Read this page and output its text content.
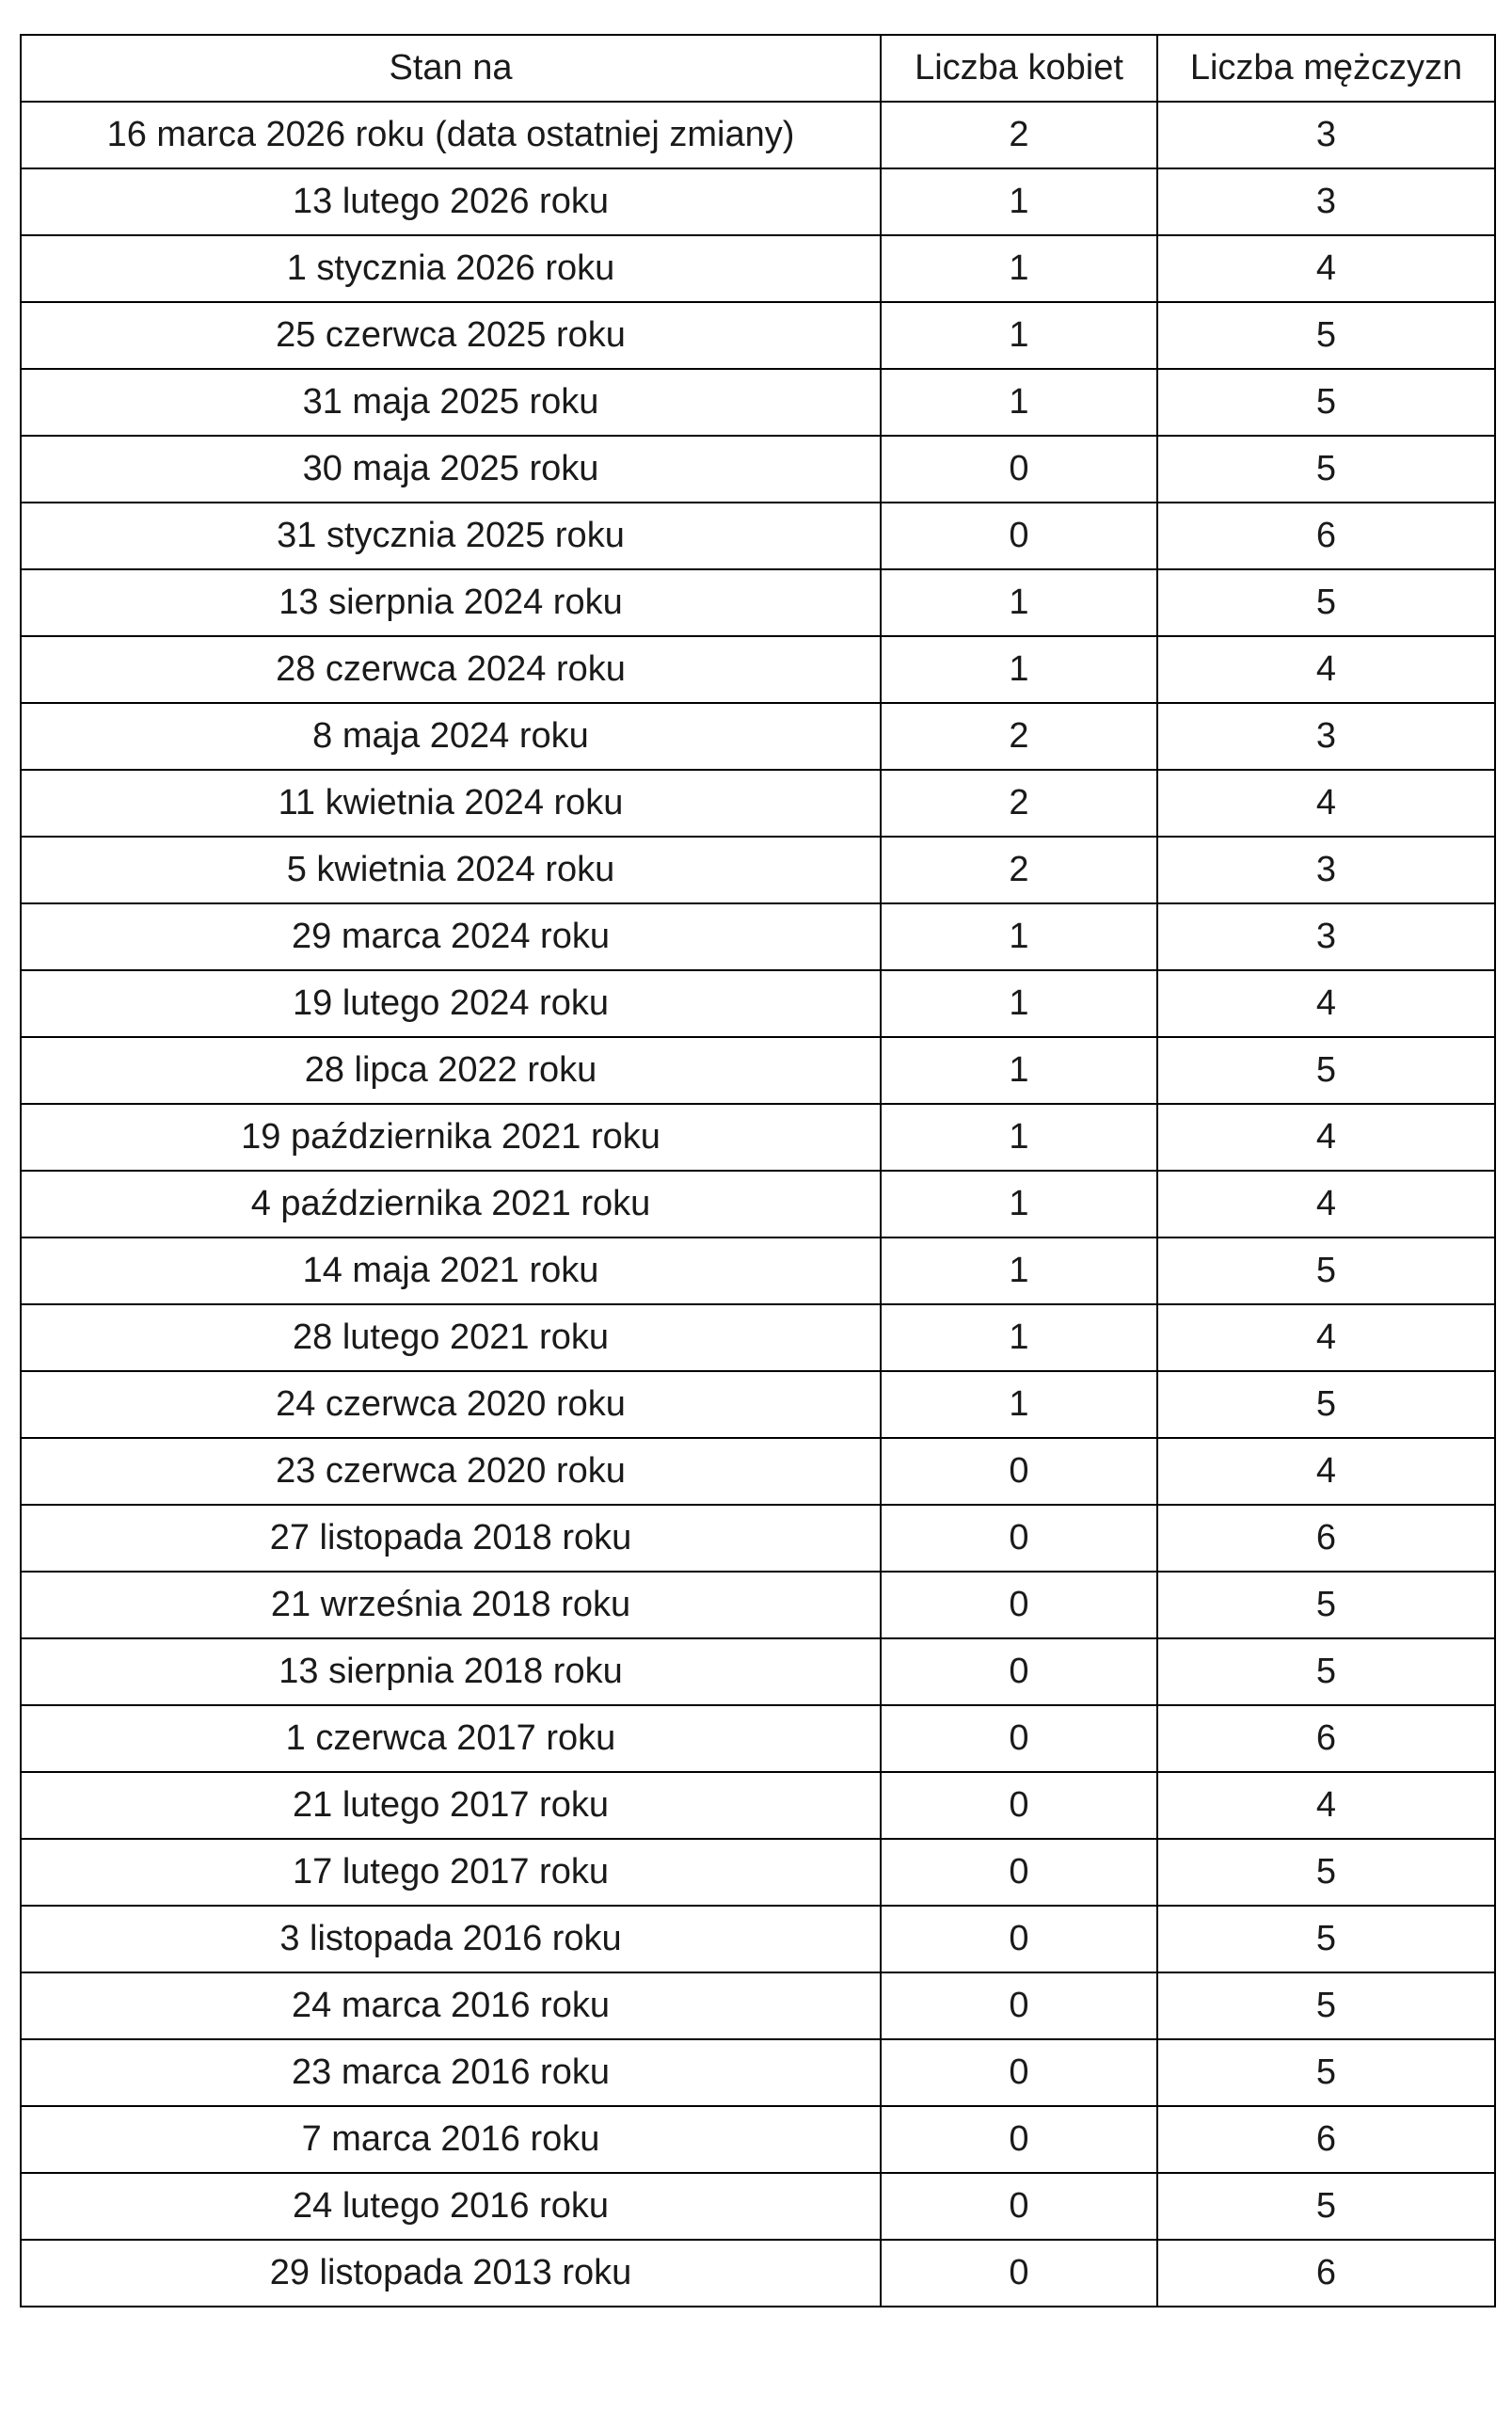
Stan na	Liczba kobiet	Liczba mężczyzn
16 marca 2026 roku (data ostatniej zmiany)	2	3
13 lutego 2026 roku	1	3
1 stycznia 2026 roku	1	4
25 czerwca 2025 roku	1	5
31 maja 2025 roku	1	5
30 maja 2025 roku	0	5
31 stycznia 2025 roku	0	6
13 sierpnia 2024 roku	1	5
28 czerwca 2024 roku	1	4
8 maja 2024 roku	2	3
11 kwietnia 2024 roku	2	4
5 kwietnia 2024 roku	2	3
29 marca 2024 roku	1	3
19 lutego 2024 roku	1	4
28 lipca 2022 roku	1	5
19 października 2021 roku	1	4
4 października 2021 roku	1	4
14 maja 2021 roku	1	5
28 lutego 2021 roku	1	4
24 czerwca 2020 roku	1	5
23 czerwca 2020 roku	0	4
27 listopada 2018 roku	0	6
21 września 2018 roku	0	5
13 sierpnia 2018 roku	0	5
1 czerwca 2017 roku	0	6
21 lutego 2017 roku	0	4
17 lutego 2017 roku	0	5
3 listopada 2016 roku	0	5
24 marca 2016 roku	0	5
23 marca 2016 roku	0	5
7 marca 2016 roku	0	6
24 lutego 2016 roku	0	5
29 listopada 2013 roku	0	6
